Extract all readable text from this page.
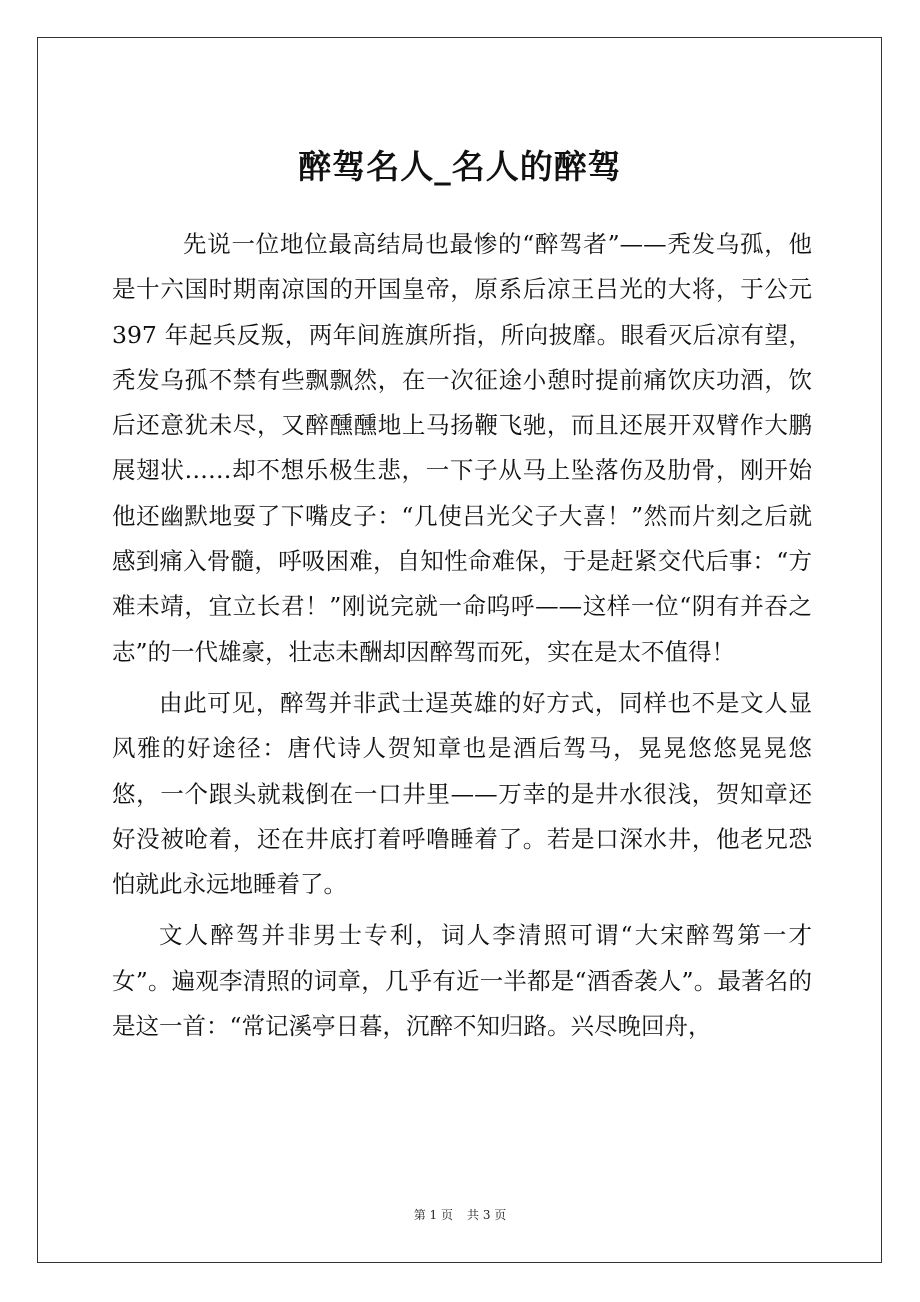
醉驾名人_名人的醉驾

先说一位地位最高结局也最惨的“醉驾者”——秃发乌孤，他是十六国时期南凉国的开国皇帝，原系后凉王吕光的大将，于公元 397 年起兵反叛，两年间旌旗所指，所向披靡。眼看灭后凉有望，秃发乌孤不禁有些飘飘然，在一次征途小憩时提前痛饮庆功酒，饮后还意犹未尽，又醉醺醺地上马扬鞭飞驰，而且还展开双臂作大鹏展翅状……却不想乐极生悲，一下子从马上坠落伤及肋骨，刚开始他还幽默地耍了下嘴皮子：“几使吕光父子大喜！”然而片刻之后就感到痛入骨髓，呼吸困难，自知性命难保，于是赶紧交代后事：“方难未靖，宜立长君！”刚说完就一命呜呼——这样一位“阴有并吞之志”的一代雄豪，壮志未酬却因醉驾而死，实在是太不值得！

由此可见，醉驾并非武士逞英雄的好方式，同样也不是文人显风雅的好途径：唐代诗人贺知章也是酒后驾马，晃晃悠悠晃晃悠悠，一个跟头就栽倒在一口井里——万幸的是井水很浅，贺知章还好没被呛着，还在井底打着呼噜睡着了。若是口深水井，他老兄恐怕就此永远地睡着了。

文人醉驾并非男士专利，词人李清照可谓“大宋醉驾第一才女”。遍观李清照的词章，几乎有近一半都是“酒香袭人”。最著名的是这一首：“常记溪亭日暮，沉醉不知归路。兴尽晚回舟，

第 1 页 共 3 页
